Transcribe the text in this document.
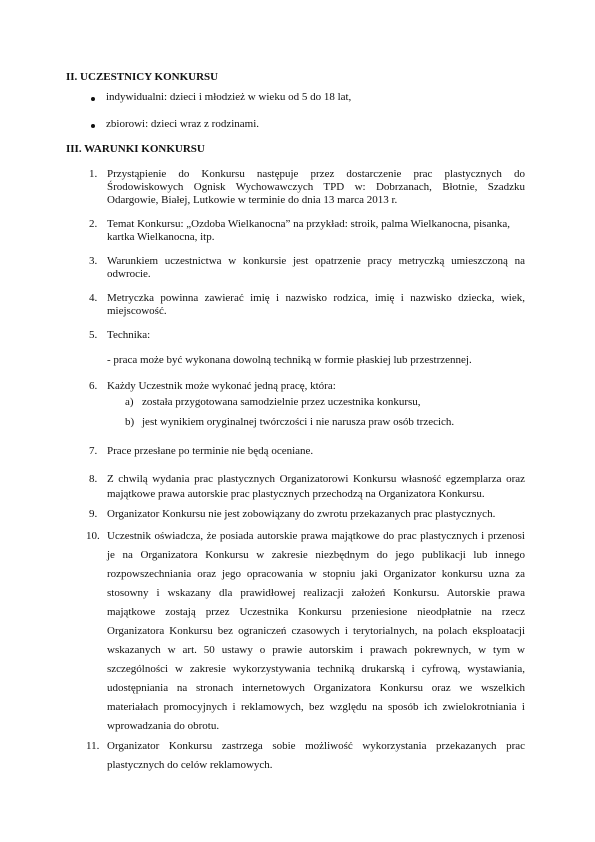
II. UCZESTNICY KONKURSU
indywidualni: dzieci i młodzież w wieku od 5 do 18 lat,
zbiorowi: dzieci wraz z rodzinami.
III. WARUNKI KONKURSU
1. Przystąpienie do Konkursu następuje przez dostarczenie prac plastycznych do
Środowiskowych Ognisk Wychowawczych TPD w: Dobrzanach, Błotnie, Szadzku
Odargowie, Białej, Lutkowie w terminie do dnia 13 marca 2013 r.
2. Temat Konkursu: „Ozdoba Wielkanocna” na przykład: stroik, palma Wielkanocna, pisanka,
kartka Wielkanocna, itp.
3. Warunkiem uczestnictwa w konkursie jest opatrzenie pracy metryczką umieszczoną na
odwrocie.
4. Metryczka powinna zawierać imię i nazwisko rodzica, imię i nazwisko dziecka, wiek,
miejscowość.
5. Technika:
- praca może być wykonana dowolną techniką w formie płaskiej lub przestrzennej.
6. Każdy Uczestnik może wykonać jedną pracę, która:
a) została przygotowana samodzielnie przez uczestnika konkursu,
b) jest wynikiem oryginalnej twórczości i nie narusza praw osób trzecich.
7. Prace przesłane po terminie nie będą oceniane.
8. Z chwilą wydania prac plastycznych Organizatorowi Konkursu własność egzemplarza oraz
majątkowe prawa autorskie prac plastycznych przechodzą na Organizatora Konkursu.
9. Organizator Konkursu nie jest zobowiązany do zwrotu przekazanych prac plastycznych.
10. Uczestnik oświadcza, że posiada autorskie prawa majątkowe do prac plastycznych i przenosi
je na Organizatora Konkursu w zakresie niezbędnym do jego publikacji lub innego
rozpowszechniania oraz jego opracowania w stopniu jaki Organizator konkursu uzna za
stosowny i wskazany dla prawidłowej realizacji założeń Konkursu. Autorskie prawa
majątkowe zostają przez Uczestnika Konkursu przeniesione nieodpłatnie na rzecz
Organizatora Konkursu bez ograniczeń czasowych i terytorialnych, na polach eksploatacji
wskazanych w art. 50 ustawy o prawie autorskim i prawach pokrewnych, w tym w
szczególności w zakresie wykorzystywania techniką drukarską i cyfrową, wystawiania,
udostępniania na stronach internetowych Organizatora Konkursu oraz we wszelkich
materiałach promocyjnych i reklamowych, bez względu na sposób ich zwielokrotniania i
wprowadzania do obrotu.
11. Organizator Konkursu zastrzega sobie możliwość wykorzystania przekazanych prac
plastycznych do celów reklamowych.
